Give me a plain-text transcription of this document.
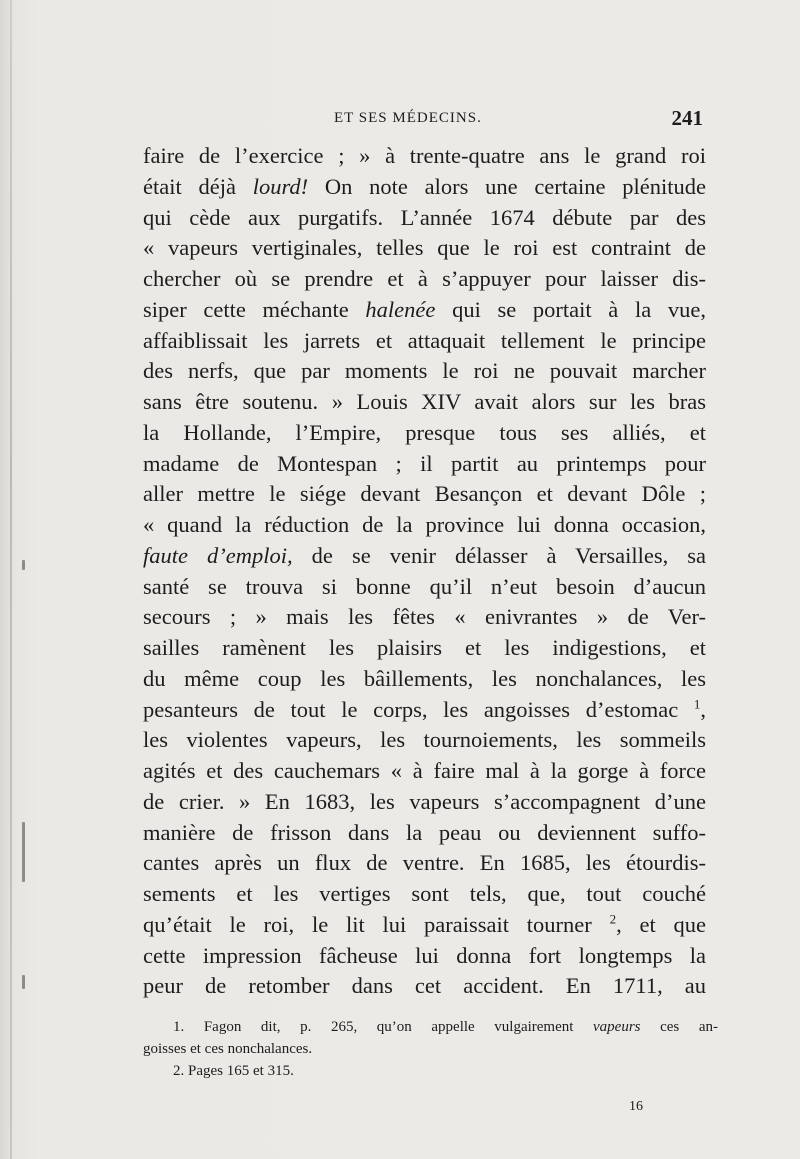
ET SES MÉDECINS.	241
faire de l’exercice ; » à trente-quatre ans le grand roi
était déjà lourd! On note alors une certaine plénitude
qui cède aux purgatifs. L’année 1674 débute par des
« vapeurs vertiginales, telles que le roi est contraint de
chercher où se prendre et à s’appuyer pour laisser dis-
siper cette méchante halenée qui se portait à la vue,
affaiblissait les jarrets et attaquait tellement le principe
des nerfs, que par moments le roi ne pouvait marcher
sans être soutenu. » Louis XIV avait alors sur les bras
la Hollande, l’Empire, presque tous ses alliés, et
madame de Montespan ; il partit au printemps pour
aller mettre le siége devant Besançon et devant Dôle ;
« quand la réduction de la province lui donna occasion,
faute d’emploi, de se venir délasser à Versailles, sa
santé se trouva si bonne qu’il n’eut besoin d’aucun
secours ; » mais les fêtes « enivrantes » de Ver-
sailles ramènent les plaisirs et les indigestions, et
du même coup les bâillements, les nonchalances, les
pesanteurs de tout le corps, les angoisses d’estomac $^1$,
les violentes vapeurs, les tournoiements, les sommeils
agités et des cauchemars « à faire mal à la gorge à force
de crier. » En 1683, les vapeurs s’accompagnent d’une
manière de frisson dans la peau ou deviennent suffo-
cantes après un flux de ventre. En 1685, les étourdis-
sements et les vertiges sont tels, que, tout couché
qu’était le roi, le lit lui paraissait tourner $^2$, et que
cette impression fâcheuse lui donna fort longtemps la
peur de retomber dans cet accident. En 1711, au
1. Fagon dit, p. 265, qu’on appelle vulgairement vapeurs ces an-
goisses et ces nonchalances.
2. Pages 165 et 315.
16
